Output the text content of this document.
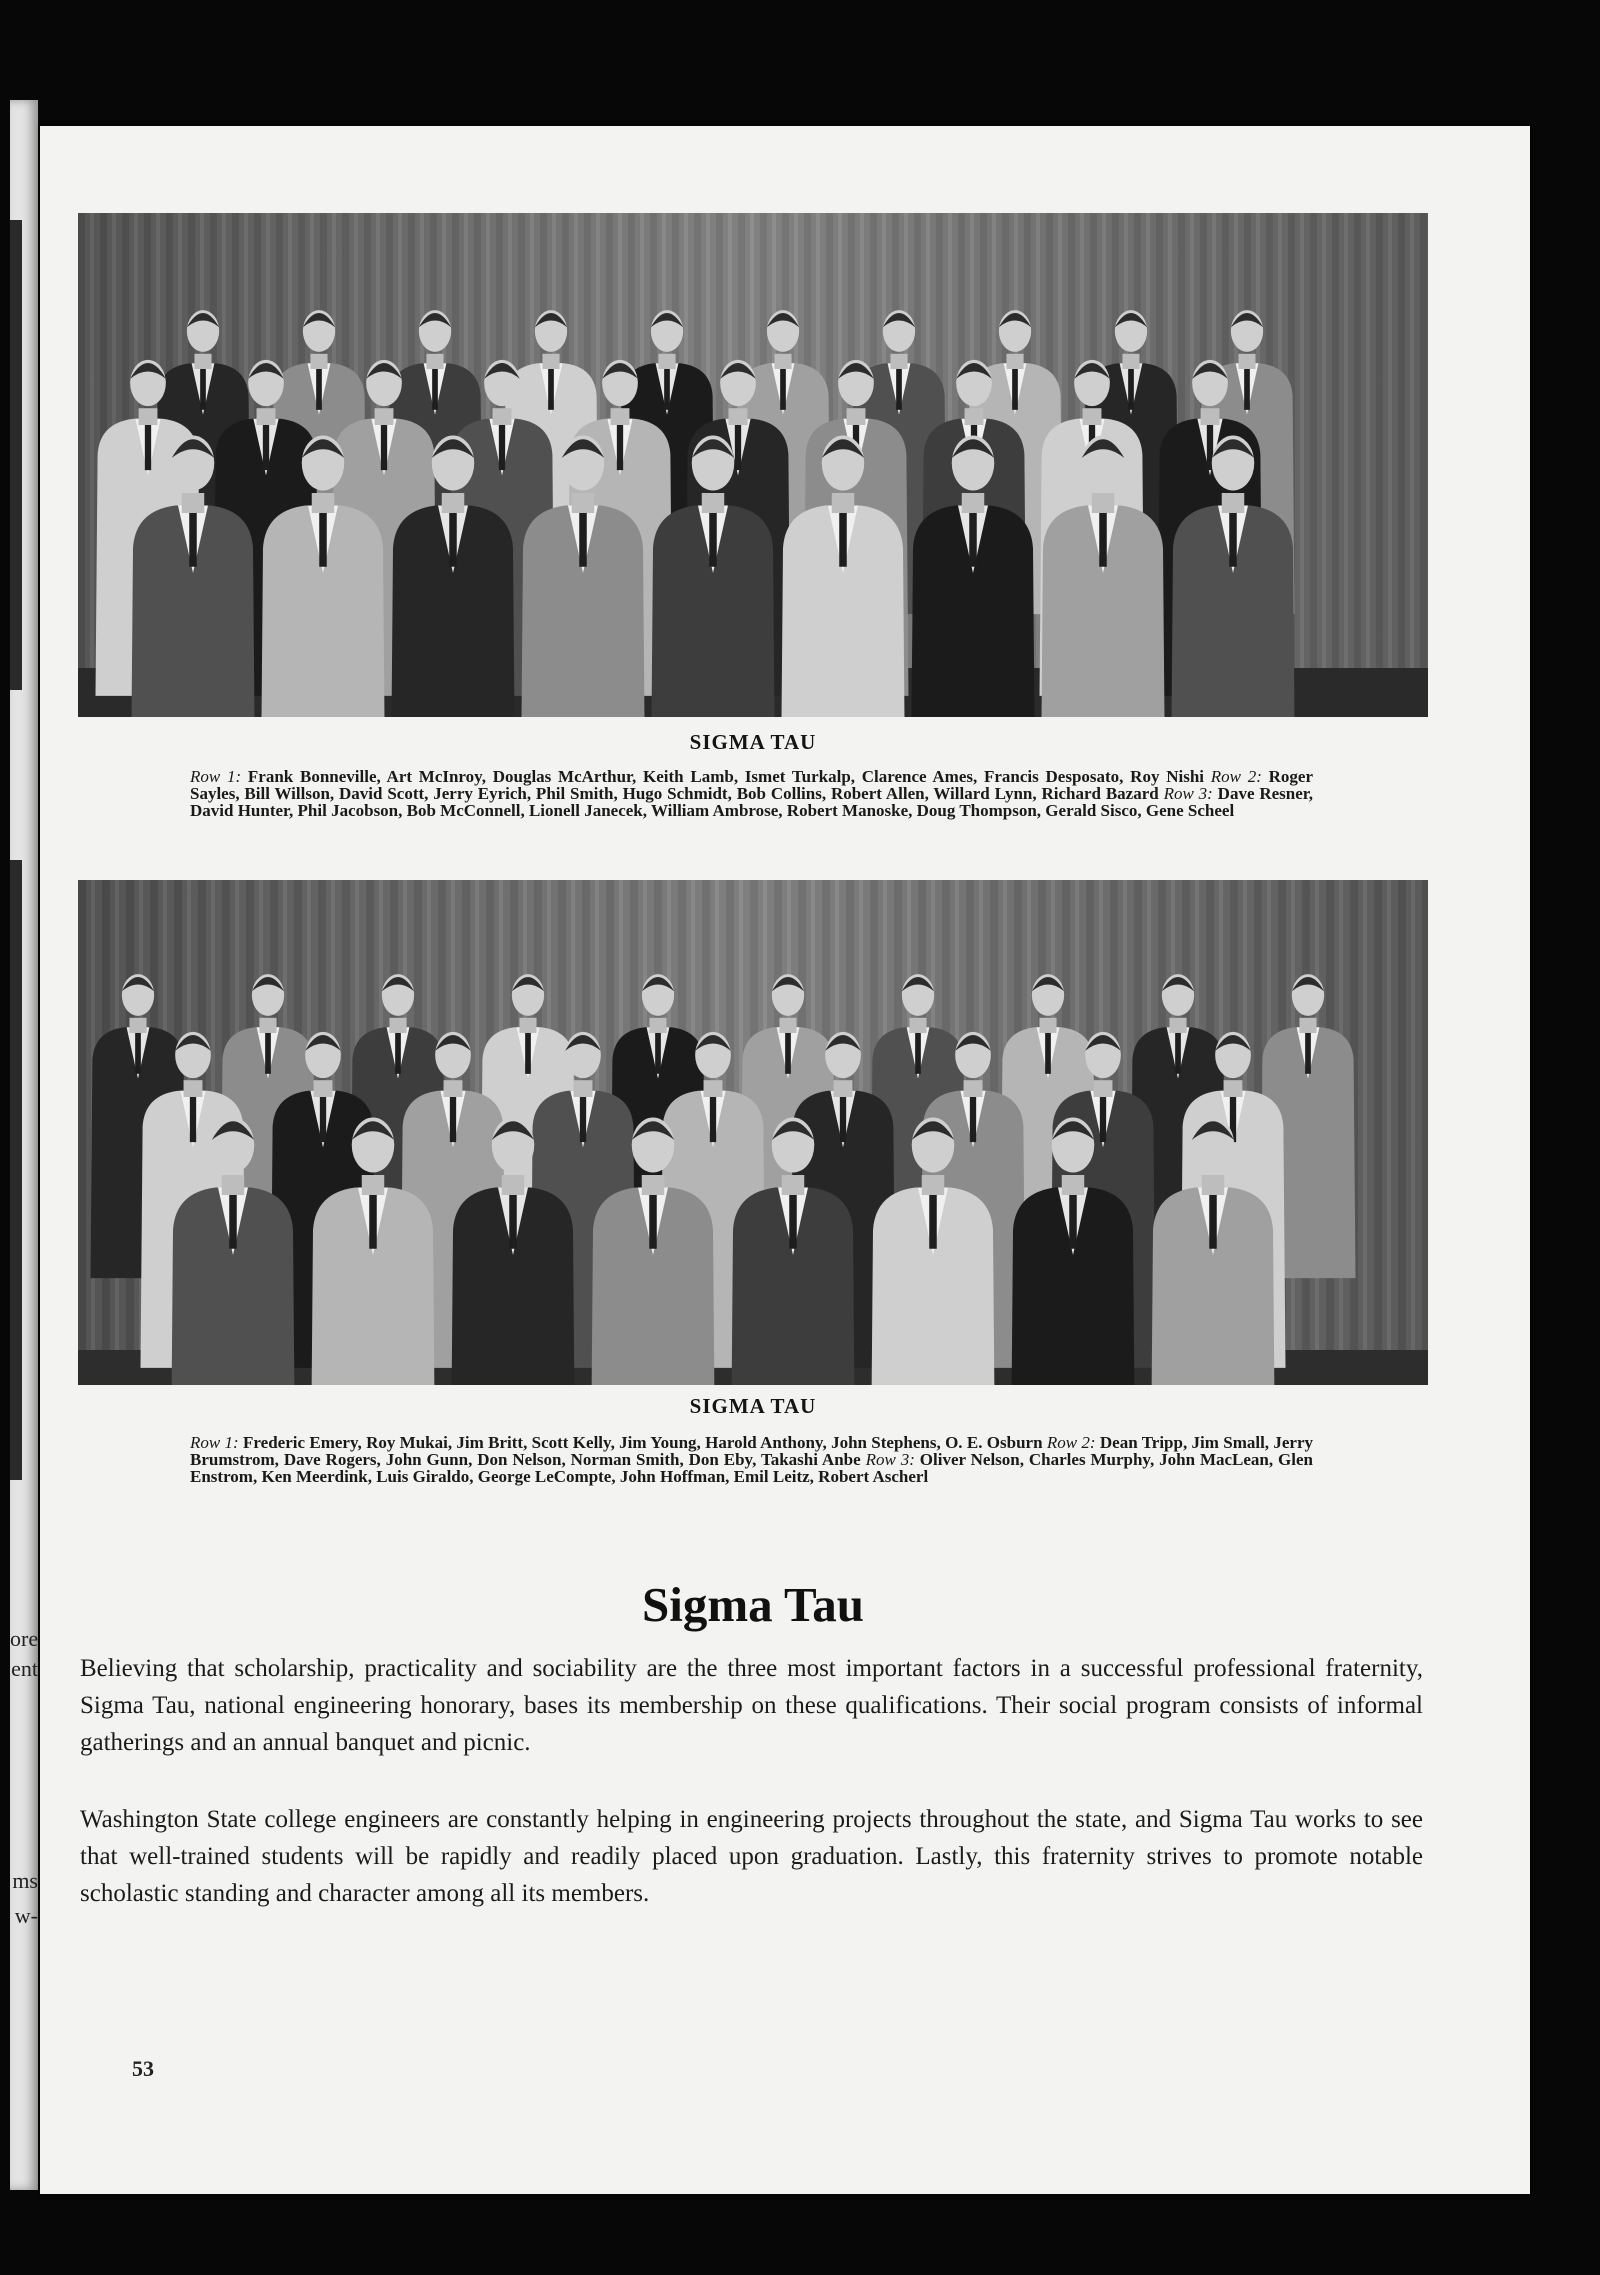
ore
ent
ms
w-
SIGMA TAU

Row 1: Frank Bonneville, Art McInroy, Douglas McArthur, Keith Lamb, Ismet Turkalp, Clarence Ames, Francis Desposato, Roy Nishi Row 2: Roger Sayles, Bill Willson, David Scott, Jerry Eyrich, Phil Smith, Hugo Schmidt, Bob Collins, Robert Allen, Willard Lynn, Richard Bazard Row 3: Dave Resner, David Hunter, Phil Jacobson, Bob McConnell, Lionell Janecek, William Ambrose, Robert Manoske, Doug Thompson, Gerald Sisco, Gene Scheel

SIGMA TAU

Row 1: Frederic Emery, Roy Mukai, Jim Britt, Scott Kelly, Jim Young, Harold Anthony, John Stephens, O. E. Osburn Row 2: Dean Tripp, Jim Small, Jerry Brumstrom, Dave Rogers, John Gunn, Don Nelson, Norman Smith, Don Eby, Takashi Anbe Row 3: Oliver Nelson, Charles Murphy, John MacLean, Glen Enstrom, Ken Meerdink, Luis Giraldo, George LeCompte, John Hoffman, Emil Leitz, Robert Ascherl

Sigma Tau

Believing that scholarship, practicality and sociability are the three most important factors in a successful professional fraternity, Sigma Tau, national engineering honorary, bases its membership on these qualifications. Their social program consists of informal gatherings and an annual banquet and picnic.

Washington State college engineers are constantly helping in engineering projects throughout the state, and Sigma Tau works to see that well-trained students will be rapidly and readily placed upon graduation. Lastly, this fraternity strives to promote notable scholastic standing and character among all its members.

53
